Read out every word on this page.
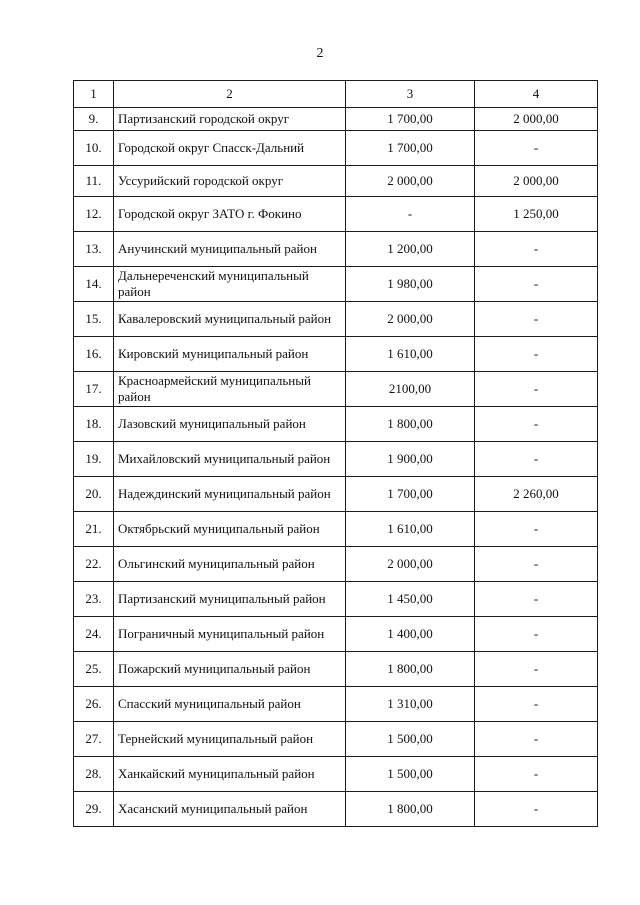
2
1	2	3	4
9.	Партизанский городской округ	1 700,00	2 000,00
10.	Городской округ Спасск-Дальний	1 700,00	-
11.	Уссурийский городской округ	2 000,00	2 000,00
12.	Городской округ ЗАТО г. Фокино	-	1 250,00
13.	Анучинский муниципальный район	1 200,00	-
14.	Дальнереченский муниципальный район	1 980,00	-
15.	Кавалеровский муниципальный район	2 000,00	-
16.	Кировский муниципальный район	1 610,00	-
17.	Красноармейский муниципальный район	2100,00	-
18.	Лазовский муниципальный район	1 800,00	-
19.	Михайловский муниципальный район	1 900,00	-
20.	Надеждинский муниципальный район	1 700,00	2 260,00
21.	Октябрьский муниципальный район	1 610,00	-
22.	Ольгинский муниципальный район	2 000,00	-
23.	Партизанский муниципальный район	1 450,00	-
24.	Пограничный муниципальный район	1 400,00	-
25.	Пожарский муниципальный район	1 800,00	-
26.	Спасский муниципальный район	1 310,00	-
27.	Тернейский муниципальный район	1 500,00	-
28.	Ханкайский муниципальный район	1 500,00	-
29.	Хасанский муниципальный район	1 800,00	-
